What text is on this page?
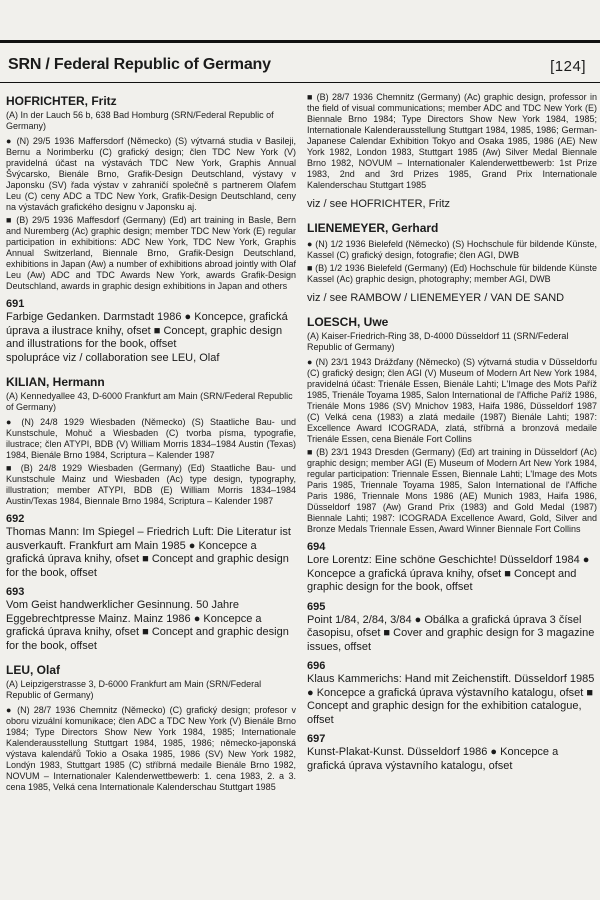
SRN / Federal Republic of Germany	[124]
HOFRICHTER, Fritz
(A) In der Lauch 56 b, 638 Bad Homburg (SRN/Federal Republic of Germany)
● (N) 29/5 1936 Maffersdorf (Německo) (S) výtvarná studia v Basileji, Bernu a Norimberku (C) grafický design; člen TDC New York (V) pravidelná účast na výstavách TDC New York, Graphis Annual Švýcarsko, Bienále Brno, Grafik-Design Deutschland, výstavy v Japonsku (SV) řada výstav v zahraničí společně s partnerem Olafem Leu (C) ceny ADC a TDC New York, Grafik-Design Deutschland, ceny na výstavách grafického designu v Japonsku aj.
■ (B) 29/5 1936 Maffesdorf (Germany) (Ed) art training in Basle, Bern and Nuremberg (Ac) graphic design; member TDC New York (E) regular participation in exhibitions: ADC New York, TDC New York, Graphis Annual Switzerland, Biennale Brno, Grafik-Design Deutschland, exhibitions in Japan (Aw) a number of exhibitions abroad jointly with Olaf Leu (Aw) ADC and TDC Awards New York, awards Grafik-Design Deutschland, awards in graphic design exhibitions in Japan and others
691
Farbige Gedanken. Darmstadt 1986 ● Koncepce, grafická úprava a ilustrace knihy, ofset ■ Concept, graphic design and illustrations for the book, offset
spolupráce viz / collaboration see LEU, Olaf
KILIAN, Hermann
(A) Kennedyallee 43, D-6000 Frankfurt am Main (SRN/Federal Republic of Germany)
● (N) 24/8 1929 Wiesbaden (Německo) (S) Staatliche Bau- und Kunstschule, Mohuč a Wiesbaden (C) tvorba písma, typografie, ilustrace; člen ATYPI, BDB (V) William Morris 1834–1984 Austin (Texas) 1984, Bienále Brno 1984, Scriptura – Kalender 1987
■ (B) 24/8 1929 Wiesbaden (Germany) (Ed) Staatliche Bau- und Kunstschule Mainz und Wiesbaden (Ac) type design, typography, illustration; member ATYPI, BDB (E) William Morris 1834–1984 Austin/Texas 1984, Biennale Brno 1984, Scriptura – Kalender 1987
692
Thomas Mann: Im Spiegel – Friedrich Luft: Die Literatur ist ausverkauft. Frankfurt am Main 1985 ● Koncepce a grafická úprava knihy, ofset ■ Concept and graphic design for the book, offset
693
Vom Geist handwerklicher Gesinnung. 50 Jahre Eggebrechtpresse Mainz. Mainz 1986 ● Koncepce a grafická úprava knihy, ofset ■ Concept and graphic design for the book, offset
LEU, Olaf
(A) Leipzigerstrasse 3, D-6000 Frankfurt am Main (SRN/Federal Republic of Germany)
● (N) 28/7 1936 Chemnitz (Německo) (C) grafický design; profesor v oboru vizuální komunikace; člen ADC a TDC New York (V) Bienále Brno 1984; Type Directors Show New York 1984, 1985; Internationale Kalenderausstellung Stuttgart 1984, 1985, 1986; německo-japonská výstava kalendářů Tokio a Osaka 1985, 1986 (SV) New York 1982, Londýn 1983, Stuttgart 1985 (C) stříbrná medaile Bienále Brno 1982, NOVUM – Internationaler Kalenderwettbewerb: 1. cena 1983, 2. a 3. cena 1985, Velká cena Internationale Kalenderschau Stuttgart 1985
■ (B) 28/7 1936 Chemnitz (Germany) (Ac) graphic design, professor in the field of visual communications; member ADC and TDC New York (E) Biennale Brno 1984; Type Directors Show New York 1984, 1985; Internationale Kalenderausstellung Stuttgart 1984, 1985, 1986; German-Japanese Calendar Exhibition Tokyo and Osaka 1985, 1986 (AE) New York 1982, London 1983, Stuttgart 1985 (Aw) Silver Medal Biennale Brno 1982, NOVUM – Internationaler Kalenderwettbewerb: 1st Prize 1983, 2nd and 3rd Prizes 1985, Grand Prix Internationale Kalenderschau Stuttgart 1985
viz / see HOFRICHTER, Fritz
LIENEMEYER, Gerhard
● (N) 1/2 1936 Bielefeld (Německo) (S) Hochschule für bildende Künste, Kassel (C) grafický design, fotografie; člen AGI, DWB
■ (B) 1/2 1936 Bielefeld (Germany) (Ed) Hochschule für bildende Künste Kassel (Ac) graphic design, photography; member AGI, DWB
viz / see RAMBOW / LIENEMEYER / VAN DE SAND
LOESCH, Uwe
(A) Kaiser-Friedrich-Ring 38, D-4000 Düsseldorf 11 (SRN/Federal Republic of Germany)
● (N) 23/1 1943 Drážďany (Německo) (S) výtvarná studia v Düsseldorfu (C) grafický design; člen AGI (V) Museum of Modern Art New York 1984, pravidelná účast: Trienále Essen, Bienále Lahti; L'Image des Mots Paříž 1985, Trienále Toyama 1985, Salon International de l'Affiche Paříž 1986, Trienále Mons 1986 (SV) Mnichov 1983, Haifa 1986, Düsseldorf 1987 (C) Velká cena (1983) a zlatá medaile (1987) Bienále Lahti; 1987: Excellence Award ICOGRADA, zlatá, stříbrná a bronzová medaile Trienále Essen, cena Bienále Fort Collins
■ (B) 23/1 1943 Dresden (Germany) (Ed) art training in Düsseldorf (Ac) graphic design; member AGI (E) Museum of Modern Art New York 1984, regular participation: Triennale Essen, Biennale Lahti; L'Image des Mots Paris 1985, Triennale Toyama 1985, Salon International de l'Affiche Paris 1986, Triennale Mons 1986 (AE) Munich 1983, Haifa 1986, Düsseldorf 1987 (Aw) Grand Prix (1983) and Gold Medal (1987) Biennale Lahti; 1987: ICOGRADA Excellence Award, Gold, Silver and Bronze Medals Triennale Essen, Award Winner Biennale Fort Collins
694
Lore Lorentz: Eine schöne Geschichte! Düsseldorf 1984 ● Koncepce a grafická úprava knihy, ofset ■ Concept and graphic design for the book, offset
695
Point 1/84, 2/84, 3/84 ● Obálka a grafická úprava 3 čísel časopisu, ofset ■ Cover and graphic design for 3 magazine issues, offset
696
Klaus Kammerichs: Hand mit Zeichenstift. Düsseldorf 1985 ● Koncepce a grafická úprava výstavního katalogu, ofset ■ Concept and graphic design for the exhibition catalogue, offset
697
Kunst-Plakat-Kunst. Düsseldorf 1986 ● Koncepce a grafická úprava výstavního katalogu, ofset
